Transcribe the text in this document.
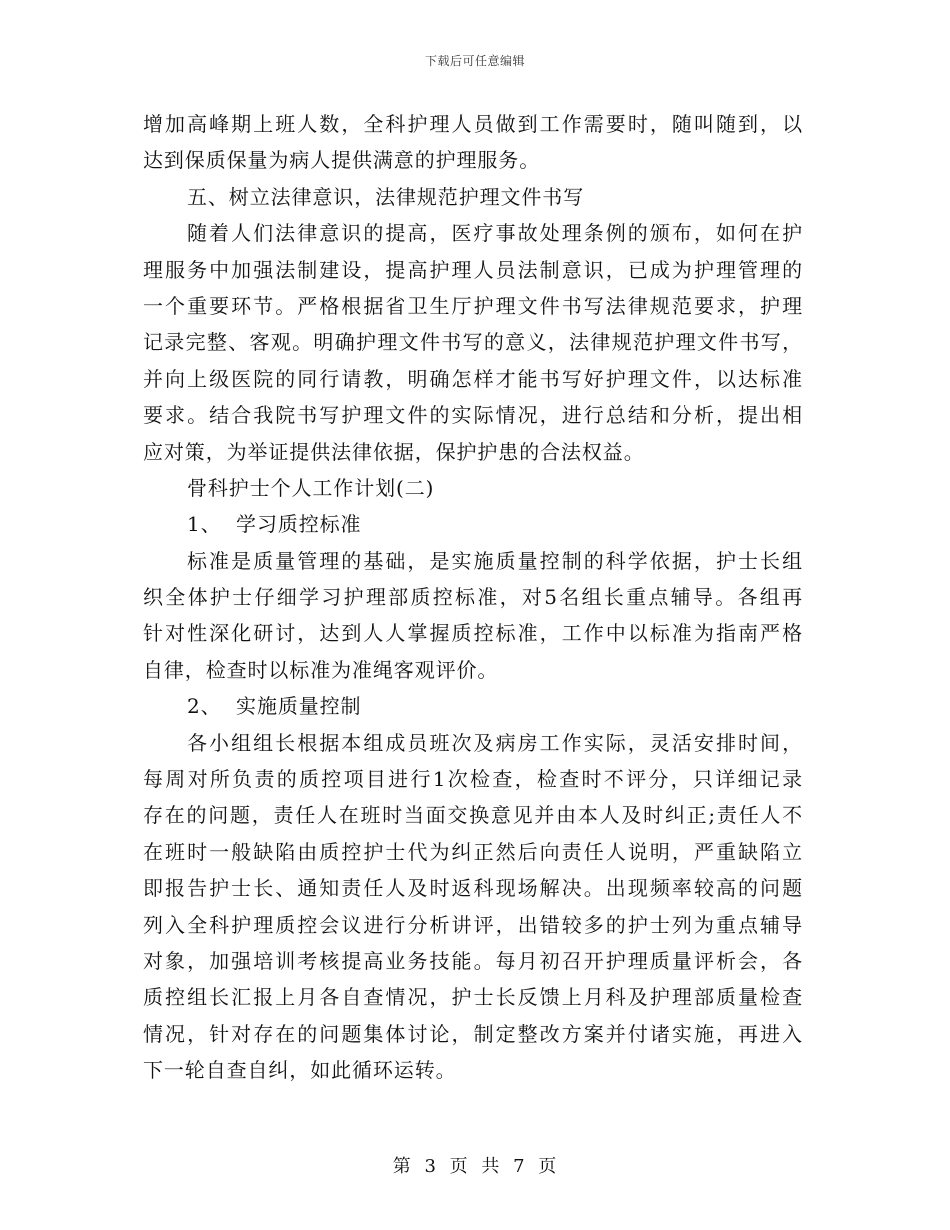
下载后可任意编辑
增加高峰期上班人数，全科护理人员做到工作需要时，随叫随到，以
达到保质保量为病人提供满意的护理服务。
五、树立法律意识，法律规范护理文件书写
随着人们法律意识的提高，医疗事故处理条例的颁布，如何在护
理服务中加强法制建设，提高护理人员法制意识，已成为护理管理的
一个重要环节。严格根据省卫生厅护理文件书写法律规范要求，护理
记录完整、客观。明确护理文件书写的意义，法律规范护理文件书写，
并向上级医院的同行请教，明确怎样才能书写好护理文件，以达标准
要求。结合我院书写护理文件的实际情况，进行总结和分析，提出相
应对策，为举证提供法律依据，保护护患的合法权益。
骨科护士个人工作计划(二)
1、  学习质控标准
标准是质量管理的基础，是实施质量控制的科学依据，护士长组
织全体护士仔细学习护理部质控标准，对5名组长重点辅导。各组再
针对性深化研讨，达到人人掌握质控标准，工作中以标准为指南严格
自律，检查时以标准为准绳客观评价。
2、  实施质量控制
各小组组长根据本组成员班次及病房工作实际，灵活安排时间，
每周对所负责的质控项目进行1次检查，检查时不评分，只详细记录
存在的问题，责任人在班时当面交换意见并由本人及时纠正;责任人不
在班时一般缺陷由质控护士代为纠正然后向责任人说明，严重缺陷立
即报告护士长、通知责任人及时返科现场解决。出现频率较高的问题
列入全科护理质控会议进行分析讲评，出错较多的护士列为重点辅导
对象，加强培训考核提高业务技能。每月初召开护理质量评析会，各
质控组长汇报上月各自查情况，护士长反馈上月科及护理部质量检查
情况，针对存在的问题集体讨论，制定整改方案并付诸实施，再进入
下一轮自查自纠，如此循环运转。
第 3 页 共 7 页
